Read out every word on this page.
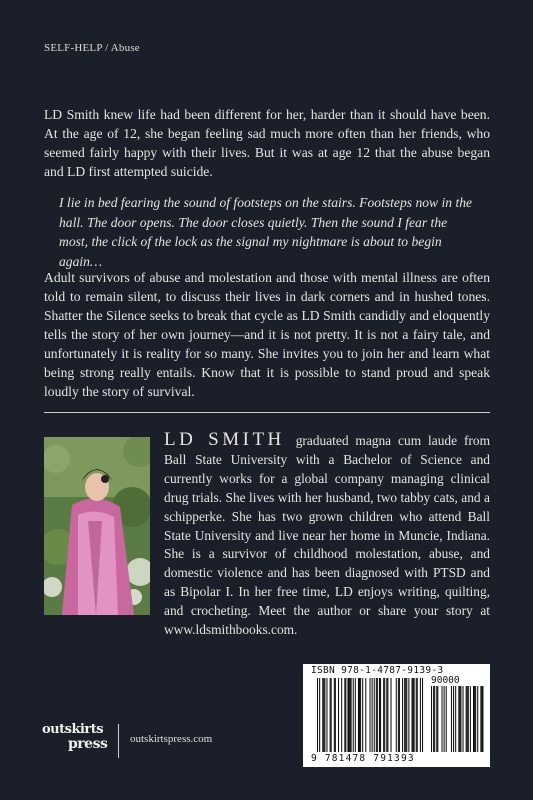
SELF-HELP / Abuse

LD Smith knew life had been different for her, harder than it should have been. At the age of 12, she began feeling sad much more often than her friends, who seemed fairly happy with their lives. But it was at age 12 that the abuse began and LD first attempted suicide.

I lie in bed fearing the sound of footsteps on the stairs. Footsteps now in the hall. The door opens. The door closes quietly. Then the sound I fear the most, the click of the lock as the signal my nightmare is about to begin again…

Adult survivors of abuse and molestation and those with mental illness are often told to remain silent, to discuss their lives in dark corners and in hushed tones. Shatter the Silence seeks to break that cycle as LD Smith candidly and eloquently tells the story of her own journey—and it is not pretty. It is not a fairy tale, and unfortunately it is reality for so many. She invites you to join her and learn what being strong really entails. Know that it is possible to stand proud and speak loudly the story of survival.

LD SMITH graduated magna cum laude from Ball State University with a Bachelor of Science and currently works for a global company managing clinical drug trials. She lives with her husband, two tabby cats, and a schipperke. She has two grown children who attend Ball State University and live near her home in Muncie, Indiana. She is a survivor of childhood molestation, abuse, and domestic violence and has been diagnosed with PTSD and as Bipolar I. In her free time, LD enjoys writing, quilting, and crocheting. Meet the author or share your story at www.ldsmithbooks.com.

ISBN 978-1-4787-9139-3
90000
9 781478 791393
outskirts
press outskirtspress.com
